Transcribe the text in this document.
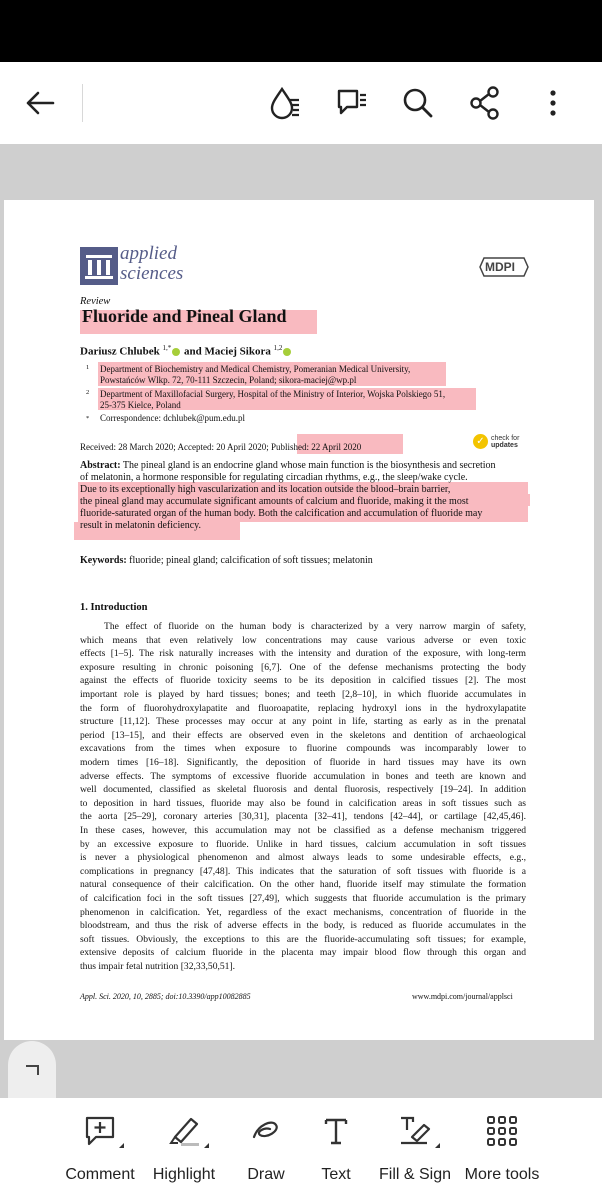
applied
sciences	MDPI
Review
Fluoride and Pineal Gland
Dariusz Chlubek $^{1,*}$ and Maciej Sikora $^{1,2}$
1 Department of Biochemistry and Medical Chemistry, Pomeranian Medical University,
Powstańców Wlkp. 72, 70-111 Szczecin, Poland; sikora-maciej@wp.pl
2 Department of Maxillofacial Surgery, Hospital of the Ministry of Interior, Wojska Polskiego 51,
25-375 Kielce, Poland
* Correspondence: dchlubek@pum.edu.pl
Received: 28 March 2020; Accepted: 20 April 2020; Published: 22 April 2020	✓ check for
updates
Abstract: The pineal gland is an endocrine gland whose main function is the biosynthesis and secretion
of melatonin, a hormone responsible for regulating circadian rhythms, e.g., the sleep/wake cycle.
Due to its exceptionally high vascularization and its location outside the blood–brain barrier,
the pineal gland may accumulate significant amounts of calcium and fluoride, making it the most
fluoride-saturated organ of the human body. Both the calcification and accumulation of fluoride may
result in melatonin deficiency.
Keywords: fluoride; pineal gland; calcification of soft tissues; melatonin
1. Introduction
The effect of fluoride on the human body is characterized by a very narrow margin of safety,
which means that even relatively low concentrations may cause various adverse or even toxic
effects [1–5]. The risk naturally increases with the intensity and duration of the exposure, with long-term
exposure resulting in chronic poisoning [6,7]. One of the defense mechanisms protecting the body
against the effects of fluoride toxicity seems to be its deposition in calcified tissues [2]. The most
important role is played by hard tissues; bones; and teeth [2,8–10], in which fluoride accumulates in
the form of fluorohydroxylapatite and fluoroapatite, replacing hydroxyl ions in the hydroxylapatite
structure [11,12]. These processes may occur at any point in life, starting as early as in the prenatal
period [13–15], and their effects are observed even in the skeletons and dentition of archaeological
excavations from the times when exposure to fluorine compounds was incomparably lower to
modern times [16–18]. Significantly, the deposition of fluoride in hard tissues may have its own
adverse effects. The symptoms of excessive fluoride accumulation in bones and teeth are known and
well documented, classified as skeletal fluorosis and dental fluorosis, respectively [19–24]. In addition
to deposition in hard tissues, fluoride may also be found in calcification areas in soft tissues such as
the aorta [25–29], coronary arteries [30,31], placenta [32–41], tendons [42–44], or cartilage [42,45,46].
In these cases, however, this accumulation may not be classified as a defense mechanism triggered
by an excessive exposure to fluoride. Unlike in hard tissues, calcium accumulation in soft tissues
is never a physiological phenomenon and almost always leads to some undesirable effects, e.g.,
complications in pregnancy [47,48]. This indicates that the saturation of soft tissues with fluoride is a
natural consequence of their calcification. On the other hand, fluoride itself may stimulate the formation
of calcification foci in the soft tissues [27,49], which suggests that fluoride accumulation is the primary
phenomenon in calcification. Yet, regardless of the exact mechanisms, concentration of fluoride in the
bloodstream, and thus the risk of adverse effects in the body, is reduced as fluoride accumulates in the
soft tissues. Obviously, the exceptions to this are the fluoride-accumulating soft tissues; for example,
extensive deposits of calcium fluoride in the placenta may impair blood flow through this organ and
thus impair fetal nutrition [32,33,50,51].
Appl. Sci. 2020, 10, 2885; doi:10.3390/app10082885	www.mdpi.com/journal/applsci
Comment Highlight Draw Text Fill & Sign More tools
